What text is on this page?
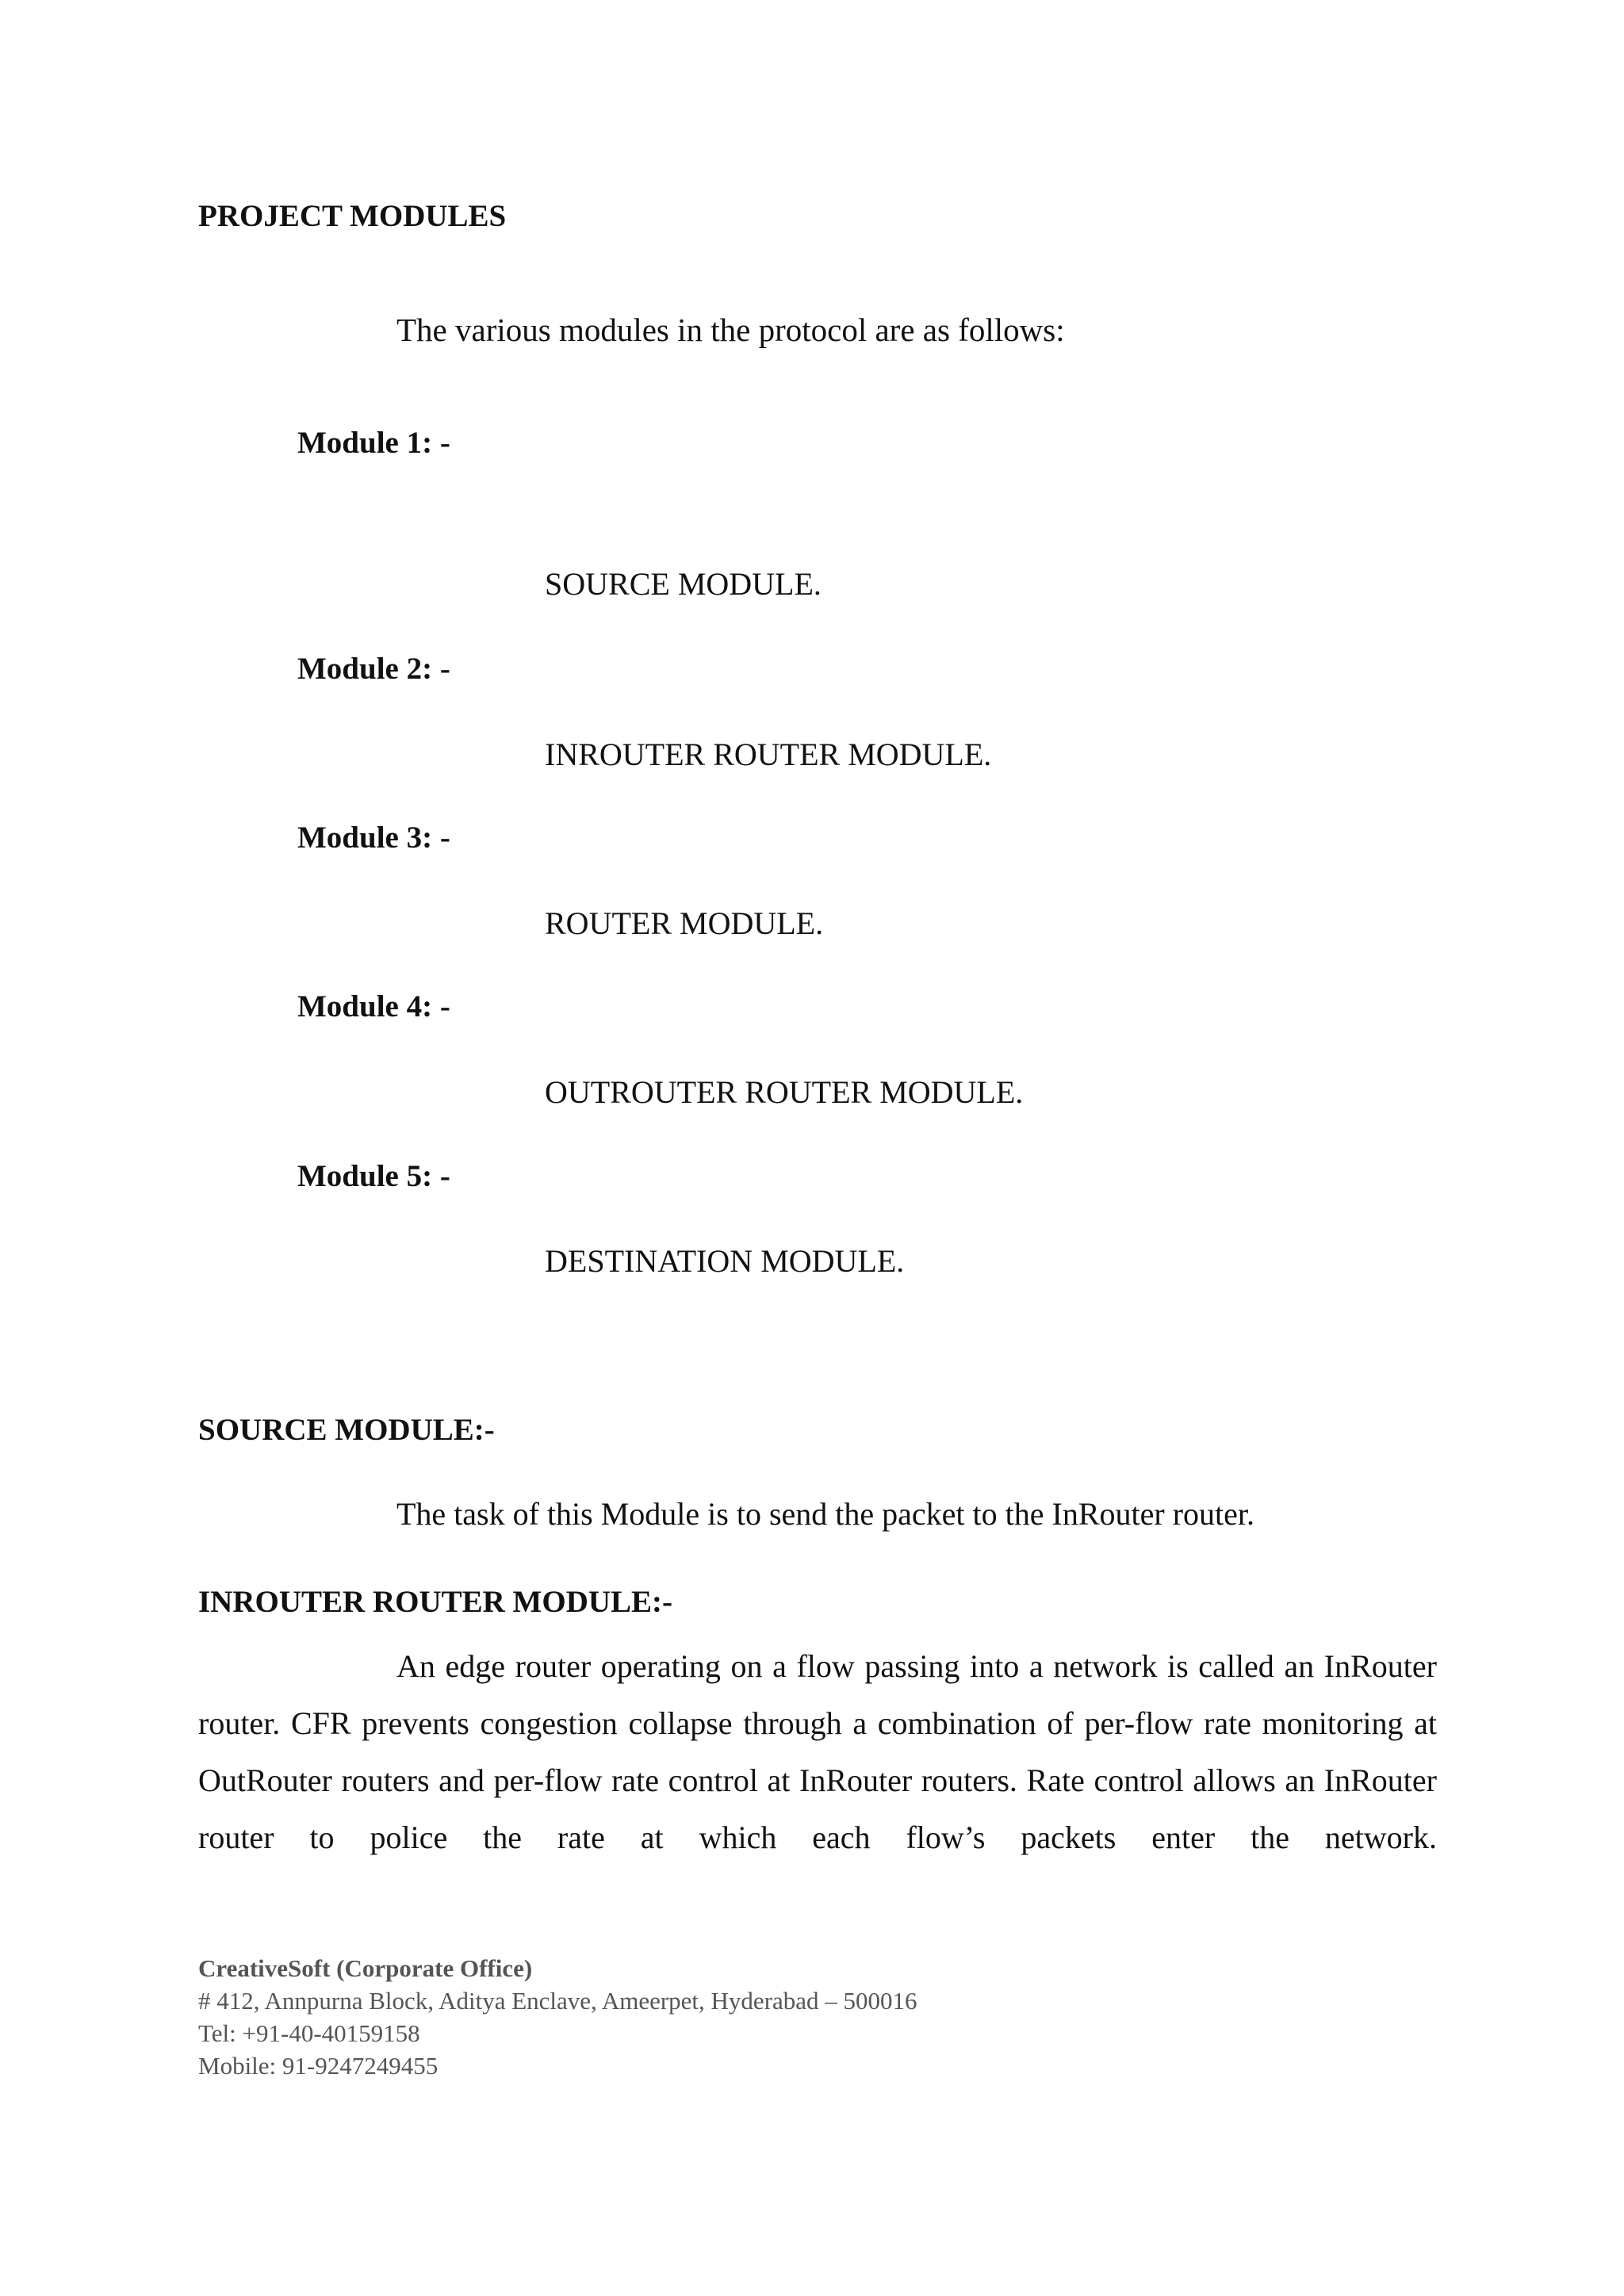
PROJECT MODULES
The various modules in the protocol are as follows:
Module 1: -
SOURCE MODULE.
Module 2: -
INROUTER ROUTER MODULE.
Module 3: -
ROUTER MODULE.
Module 4: -
OUTROUTER ROUTER MODULE.
Module 5: -
DESTINATION MODULE.
SOURCE MODULE:-
The task of this Module is to send the packet to the InRouter router.
INROUTER ROUTER MODULE:-
An edge router operating on a flow passing into a network is called an InRouter router. CFR prevents congestion collapse through a combination of per-flow rate monitoring at OutRouter routers and per-flow rate control at InRouter routers. Rate control allows an InRouter router to police the rate at which each flow’s packets enter the network.
CreativeSoft (Corporate Office)
# 412, Annpurna Block, Aditya Enclave, Ameerpet, Hyderabad – 500016
Tel: +91-40-40159158
Mobile: 91-9247249455
